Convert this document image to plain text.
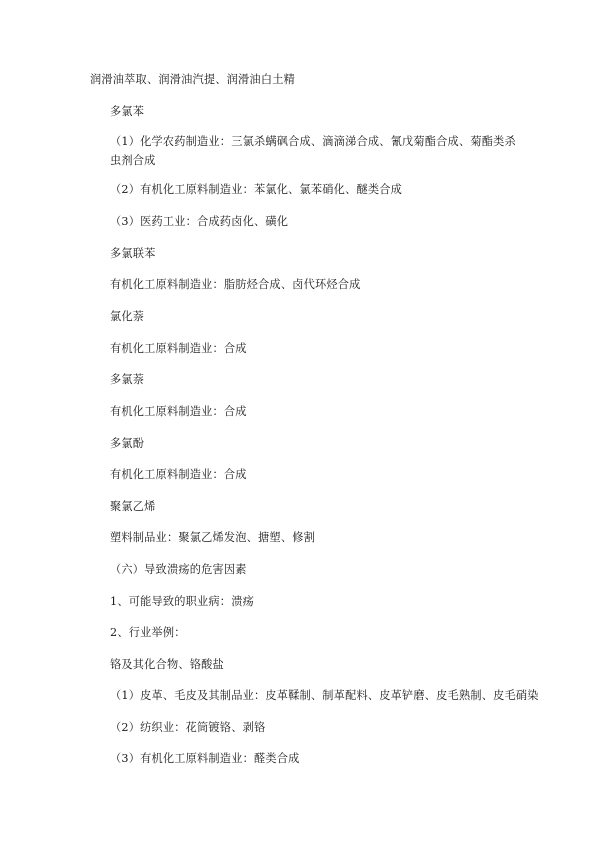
润滑油萃取、润滑油汽提、润滑油白土精

多氯苯

（1）化学农药制造业：三氯杀螨砜合成、滴滴涕合成、氰戊菊酯合成、菊酯类杀虫剂合成

（2）有机化工原料制造业：苯氯化、氯苯硝化、醚类合成

（3）医药工业：合成药卤化、磺化

多氯联苯

有机化工原料制造业：脂肪烃合成、卤代环烃合成

氯化萘

有机化工原料制造业：合成

多氯萘

有机化工原料制造业：合成

多氯酚

有机化工原料制造业：合成

聚氯乙烯

塑料制品业：聚氯乙烯发泡、搪塑、修割

（六）导致溃疡的危害因素

1、可能导致的职业病：溃疡

2、行业举例：

铬及其化合物、铬酸盐

（1）皮革、毛皮及其制品业：皮革鞣制、制革配料、皮革铲磨、皮毛熟制、皮毛硝染

（2）纺织业：花筒镀铬、剥铬

（3）有机化工原料制造业：醛类合成
